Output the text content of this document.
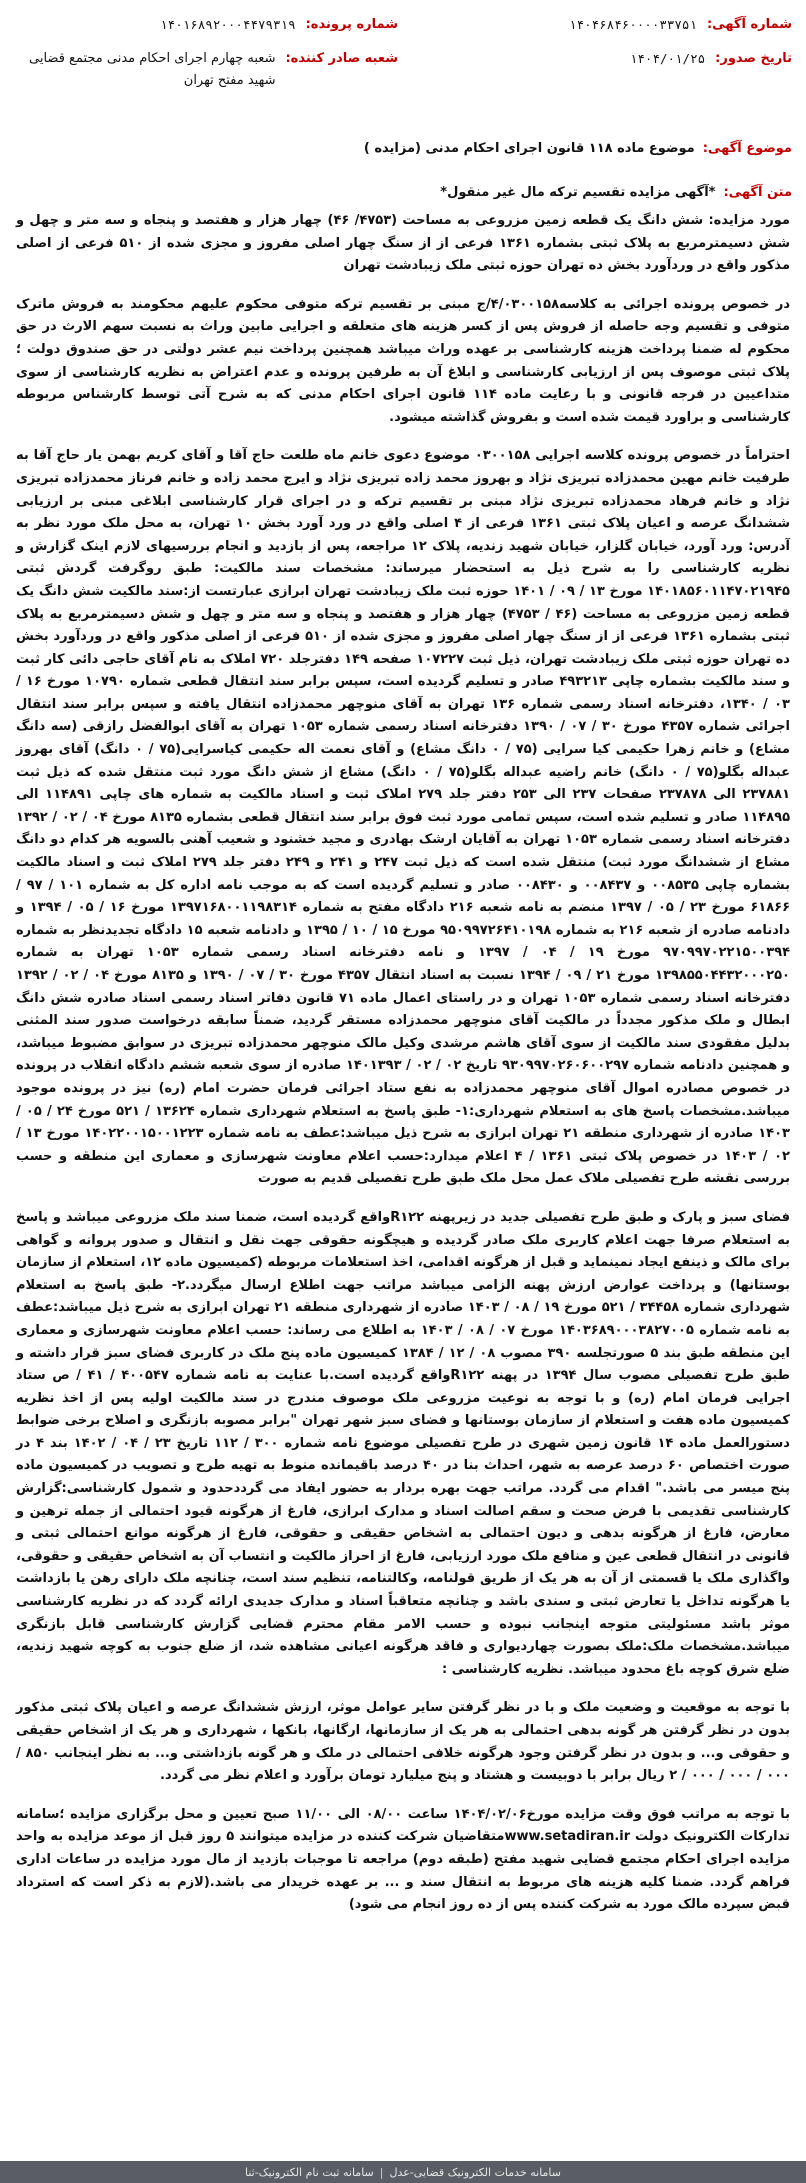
شماره آگهی:
۱۴۰۴۶۸۴۶۰۰۰۰۳۳۷۵۱
تاریخ صدور:
۱۴۰۴/۰۱/۲۵
شماره پرونده:
۱۴۰۱۶۸۹۲۰۰۰۴۴۷۹۳۱۹
شعبه صادر کننده:
شعبه چهارم اجرای احکام مدنی مجتمع قضایی شهید مفتح تهران
موضوع آگهی:
موضوع ماده ۱۱۸ قانون اجرای احکام مدنی (مزایده )
متن آگهی:
*آگهی مزایده تقسیم ترکه مال غیر منقول*

مورد مزایده: شش دانگ یک قطعه زمین مزروعی به مساحت (۴۷۵۳/ ۴۶) چهار هزار و هفتصد و پنجاه و سه متر و چهل و شش دسیمترمربع به پلاک ثبتی بشماره ۱۳۶۱ فرعی از از سنگ چهار اصلی مفروز و مجزی شده از ۵۱۰ فرعی از اصلی مذکور واقع در وردآورد بخش ده تهران حوزه ثبتی ملک زیبادشت تهران

در خصوص پرونده اجرائی به کلاسه۴/۰۳۰۰۱۵۸/ج مبنی بر تقسیم ترکه متوفی محکوم علیهم محکومند به فروش ماترک متوفی و تقسیم وجه حاصله از فروش پس از کسر هزینه های متعلقه و اجرایی مابین وراث به نسبت سهم الارث در حق محکوم له ضمنا پرداخت هزینه کارشناسی بر عهده وراث میباشد همچنین پرداخت نیم عشر دولتی در حق صندوق دولت ؛ پلاک ثبتی موصوف پس از ارزیابی کارشناسی و ابلاغ آن به طرفین پرونده و عدم اعتراض به نظریه کارشناسی از سوی متداعیین در فرجه قانونی و با رعایت ماده ۱۱۴ قانون اجرای احکام مدنی که به شرح آتی توسط کارشناس مربوطه کارشناسی و براورد قیمت شده است و بفروش گذاشته میشود.

احتراماً در خصوص پرونده کلاسه اجرایی ۰۳۰۰۱۵۸ موضوع دعوی خانم ماه طلعت حاج آقا و آقای کریم بهمن یار حاج آقا به طرفیت خانم مهین محمدزاده تبریزی نژاد و بهروز محمد زاده تبریزی نژاد و ایرج محمد زاده و خانم فرناز محمدزاده تبریزی نژاد و خانم فرهاد محمدزاده تبریزی نژاد مبنی بر تقسیم ترکه و در اجرای قرار کارشناسی ابلاغی مبنی بر ارزیابی ششدانگ عرصه و اعیان پلاک ثبتی ۱۳۶۱ فرعی از ۴ اصلی واقع در ورد آورد بخش ۱۰ تهران، به محل ملک مورد نظر به آدرس: ورد آورد، خیابان گلزار، خیابان شهید زندیه، پلاک ۱۲ مراجعه، پس از بازدید و انجام بررسیهای لازم اینک گزارش و نظریه کارشناسی را به شرح ذیل به استحضار میرساند: مشخصات سند مالکیت: طبق روگرفت گردش ثبتی ۱۴۰۱۸۵۶۰۱۱۴۷۰۲۱۹۴۵ مورخ ۱۳ / ۰۹ / ۱۴۰۱ حوزه ثبت ملک زیبادشت تهران ابرازی عبارتست از:سند مالکیت شش دانگ یک قطعه زمین مزروعی به مساحت (۴۶ / ۴۷۵۳) چهار هزار و هفتصد و پنجاه و سه متر و چهل و شش دسیمترمربع به پلاک ثبتی بشماره ۱۳۶۱ فرعی از از سنگ چهار اصلی مفروز و مجزی شده از ۵۱۰ فرعی از اصلی مذکور واقع در وردآورد بخش ده تهران حوزه ثبتی ملک زیبادشت تهران، ذیل ثبت ۱۰۷۲۲۷ صفحه ۱۴۹ دفترجلد ۷۲۰ املاک به نام آقای حاجی دائی کار ثبت و سند مالکیت بشماره چاپی ۴۹۳۲۱۳ صادر و تسلیم گردیده است، سپس برابر سند انتقال قطعی شماره ۱۰۷۹۰ مورخ ۱۶ / ۰۳ / ۱۳۴۰، دفترخانه اسناد رسمی شماره ۱۳۶ تهران به آقای منوچهر محمدزاده انتقال یافته و سپس برابر سند انتقال اجرائی شماره ۴۳۵۷ مورخ ۳۰ / ۰۷ / ۱۳۹۰ دفترخانه اسناد رسمی شماره ۱۰۵۳ تهران به آقای ابوالفضل رازقی (سه دانگ مشاع) و خانم زهرا حکیمی کیا سرایی (۷۵ / ۰ دانگ مشاع) و آقای نعمت اله حکیمی کیاسرایی(۷۵ / ۰ دانگ) آقای بهروز عبداله بگلو(۷۵ / ۰ دانگ) خانم راضیه عبداله بگلو(۷۵ / ۰ دانگ) مشاع از شش دانگ مورد ثبت منتقل شده که ذیل ثبت ۲۳۷۸۸۱ الی ۲۳۷۸۷۸ صفحات ۲۳۷ الی ۲۵۳ دفتر جلد ۲۷۹ املاک ثبت و اسناد مالکیت به شماره های چاپی ۱۱۴۸۹۱ الی ۱۱۴۸۹۵ صادر و تسلیم شده است، سپس تمامی مورد ثبت فوق برابر سند انتقال قطعی بشماره ۸۱۳۵ مورخ ۰۴ / ۰۲ / ۱۳۹۲ دفترخانه اسناد رسمی شماره ۱۰۵۳ تهران به آقایان ارشک بهادری و مجید خشنود و شعیب آهنی بالسویه هر کدام دو دانگ مشاع از ششدانگ مورد ثبت) منتقل شده است که ذیل ثبت ۲۴۷ و ۲۴۱ و ۲۴۹ دفتر جلد ۲۷۹ املاک ثبت و اسناد مالکیت بشماره چاپی ۰۰۸۵۳۵ و ۰۰۸۴۳۷ و ۰۰۸۴۳۰ صادر و تسلیم گردیده است که به موجب نامه اداره کل به شماره ۱۰۱ / ۹۷ / ۶۱۸۶۶ مورخ ۲۳ / ۰۵ / ۱۳۹۷ منضم به نامه شعبه ۲۱۶ دادگاه مفتح به شماره ۱۳۹۷۱۶۸۰۰۱۱۹۸۳۱۴ مورخ ۱۶ / ۰۵ / ۱۳۹۴ و دادنامه صادره از شعبه ۲۱۶ به شماره ۹۵۰۹۹۷۲۶۴۱۰۱۹۸ مورخ ۱۵ / ۱۰ / ۱۳۹۵ و دادنامه شعبه ۱۵ دادگاه تجدیدنظر به شماره ۹۷۰۹۹۷۰۲۲۱۵۰۰۳۹۴ مورخ ۱۹ / ۰۴ / ۱۳۹۷ و نامه دفترخانه اسناد رسمی شماره ۱۰۵۳ تهران به شماره ۱۳۹۸۵۵۰۴۴۳۲۰۰۰۲۵۰ مورخ ۲۱ / ۰۹ / ۱۳۹۴ نسبت به اسناد انتقال ۴۳۵۷ مورخ ۳۰ / ۰۷ / ۱۳۹۰ و ۸۱۳۵ مورخ ۰۴ / ۰۲ / ۱۳۹۲ دفترخانه اسناد رسمی شماره ۱۰۵۳ تهران و در راستای اعمال ماده ۷۱ قانون دفاتر اسناد رسمی اسناد صادره شش دانگ ابطال و ملک مذکور مجدداً در مالکیت آقای منوچهر محمدزاده مستقر گردید، ضمناً سابقه درخواست صدور سند المثنی بدلیل مفقودی سند مالکیت از سوی آقای هاشم مرشدی وکیل مالک منوچهر محمدزاده تبریزی در سوابق مضبوط میباشد، و همچنین دادنامه شماره ۹۳۰۹۹۷۰۲۶۰۶۰۰۲۹۷ تاریخ ۰۲ / ۰۲ / ۱۴۰۱۳۹۳ صادره از سوی شعبه ششم دادگاه انقلاب در پرونده در خصوص مصادره اموال آقای منوچهر محمدزاده به نفع ستاد اجرائی فرمان حضرت امام (ره) نیز در پرونده موجود میباشد.مشخصات پاسخ های به استعلام شهرداری:۱- طبق پاسخ به استعلام شهرداری شماره ۱۳۶۲۴ / ۵۲۱ مورخ ۲۴ / ۰۵ / ۱۴۰۳ صادره از شهرداری منطقه ۲۱ تهران ابرازی به شرح ذیل میباشد:عطف به نامه شماره ۱۴۰۲۲۰۰۱۵۰۰۱۲۲۳ مورخ ۱۳ / ۰۲ / ۱۴۰۳ در خصوص پلاک ثبتی ۱۳۶۱ / ۴ اعلام میدارد:حسب اعلام معاونت شهرسازی و معماری این منطقه و حسب بررسی نقشه طرح تفصیلی ملاک عمل محل ملک طبق طرح تفصیلی قدیم به صورت

فضای سبز و پارک و طبق طرح تفصیلی جدید در زیرپهنه R۱۲۲واقع گردیده است، ضمنا سند ملک مزروعی میباشد و پاسخ به استعلام صرفا جهت اعلام کاربری ملک صادر گردیده و هیچگونه حقوقی جهت نقل و انتقال و صدور پروانه و گواهی برای مالک و ذینفع ایجاد نمینماید و قبل از هرگونه اقدامی، اخذ استعلامات مربوطه (کمیسیون ماده ۱۲، استعلام از سازمان بوستانها) و پرداخت عوارض ارزش پهنه الزامی میباشد مراتب جهت اطلاع ارسال میگردد.۲- طبق پاسخ به استعلام شهرداری شماره ۳۴۴۵۸ / ۵۲۱ مورخ ۱۹ / ۰۸ / ۱۴۰۳ صادره از شهرداری منطقه ۲۱ تهران ابرازی به شرح ذیل میباشد:عطف به نامه شماره ۱۴۰۳۶۸۹۰۰۰۳۸۲۷۰۰۵ مورخ ۰۷ / ۰۸ / ۱۴۰۳ به اطلاع می رساند: حسب اعلام معاونت شهرسازی و معماری این منطقه طبق بند ۵ صورتجلسه ۳۹۰ مصوب ۰۸ / ۱۲ / ۱۳۸۴ کمیسیون ماده پنج ملک در کاربری فضای سبز قرار داشته و طبق طرح تفصیلی مصوب سال ۱۳۹۴ در پهنه R۱۲۲واقع گردیده است.با عنایت به نامه شماره ۴۰۰۵۴۷ / ۴۱ / ص ستاد اجرایی فرمان امام (ره) و با توجه به نوعیت مزروعی ملک موصوف مندرج در سند مالکیت اولیه پس از اخذ نظریه کمیسیون ماده هفت و استعلام از سازمان بوستانها و فضای سبز شهر تهران "برابر مصوبه بازنگری و اصلاح برخی ضوابط دستورالعمل ماده ۱۴ قانون زمین شهری در طرح تفصیلی موضوع نامه شماره ۳۰۰ / ۱۱۲ تاریخ ۲۳ / ۰۴ / ۱۴۰۲ بند ۴ در صورت اختصاص ۶۰ درصد عرصه به شهر، احداث بنا در ۴۰ درصد باقیمانده منوط به تهیه طرح و تصویب در کمیسیون ماده پنج میسر می باشد." اقدام می گردد. مراتب جهت بهره بردار به حضور ایفاد می گرددحدود و شمول کارشناسی:گزارش کارشناسی تقدیمی با فرض صحت و سقم اصالت اسناد و مدارک ابرازی، فارغ از هرگونه قیود احتمالی از جمله ترهین و معارض، فارغ از هرگونه بدهی و دیون احتمالی به اشخاص حقیقی و حقوقی، فارغ از هرگونه موانع احتمالی ثبتی و قانونی در انتقال قطعی عین و منافع ملک مورد ارزیابی، فارغ از احراز مالکیت و انتساب آن به اشخاص حقیقی و حقوقی، واگذاری ملک یا قسمتی از آن به هر یک از طریق قولنامه، وکالتنامه، تنظیم سند است، چنانچه ملک دارای رهن یا بازداشت یا هرگونه تداخل یا تعارض ثبتی و سندی باشد و چنانچه متعاقباً اسناد و مدارک جدیدی ارائه گردد که در نظریه کارشناسی موثر باشد مسئولیتی متوجه اینجانب نبوده و حسب الامر مقام محترم قضایی گزارش کارشناسی قابل بازنگری میباشد.مشخصات ملک:ملک بصورت چهاردیواری و فاقد هرگونه اعیانی مشاهده شد، از ضلع جنوب به کوچه شهید زندیه، ضلع شرق کوچه باغ محدود میباشد. نظریه کارشناسی :

با توجه به موقعیت و وضعیت ملک و با در نظر گرفتن سایر عوامل موثر، ارزش ششدانگ عرصه و اعیان پلاک ثبتی مذکور بدون در نظر گرفتن هر گونه بدهی احتمالی به هر یک از سازمانها، ارگانها، بانکها ، شهرداری و هر یک از اشخاص حقیقی و حقوقی و... و بدون در نظر گرفتن وجود هرگونه خلافی احتمالی در ملک و هر گونه بازداشتی و... به نظر اینجانب ۸۵۰ / ۰۰۰ / ۰۰۰ / ۰۰۰ / ۲ ریال برابر با دوبیست و هشتاد و پنج میلیارد تومان برآورد و اعلام نظر می گردد.

با توجه به مراتب فوق وقت مزایده مورخ۱۴۰۴/۰۲/۰۶ ساعت ۰۸/۰۰ الی ۱۱/۰۰ صبح تعیین و محل برگزاری مزایده ؛سامانه تدارکات الکترونیک دولت www.setadiran.irمتقاضیان شرکت کننده در مزایده میتوانند ۵ روز قبل از موعد مزایده به واحد مزایده اجرای احکام مجتمع قضایی شهید مفتح (طبقه دوم) مراجعه تا موجبات بازدید از مال مورد مزایده در ساعات اداری فراهم گردد. ضمنا کلیه هزینه های مربوط به انتقال سند و ... بر عهده خریدار می باشد.(لازم به ذکر است که استرداد قبض سپرده مالک مورد به شرکت کننده پس از ده روز انجام می شود)

سامانه خدمات الکترونیک قضایی-عدل
|
سامانه ثبت نام الکترونیک-ثنا
